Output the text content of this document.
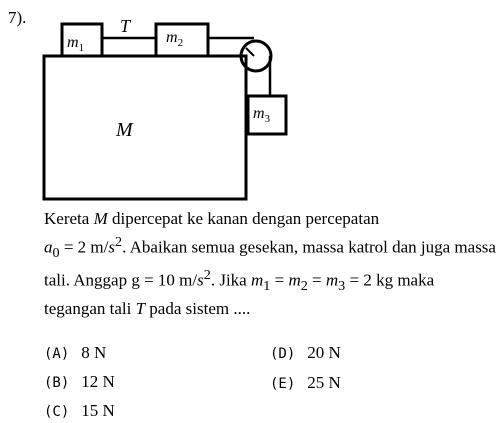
7).	T
$m_1$
$m_2$
$m_3$
M
Kereta M dipercepat ke kanan dengan percepatan
$a_0 = 2$ $m/s^2$. Abaikan semua gesekan, massa katrol dan juga massa tali. Anggap g = 10 $m/s^2$. Jika $m_1 = m_2 = m_3 = 2$ kg maka tegangan tali T pada sistem ....
(A) 8 N
(B) 12 N
(C) 15 N
(D) 20 N
(E) 25 N
